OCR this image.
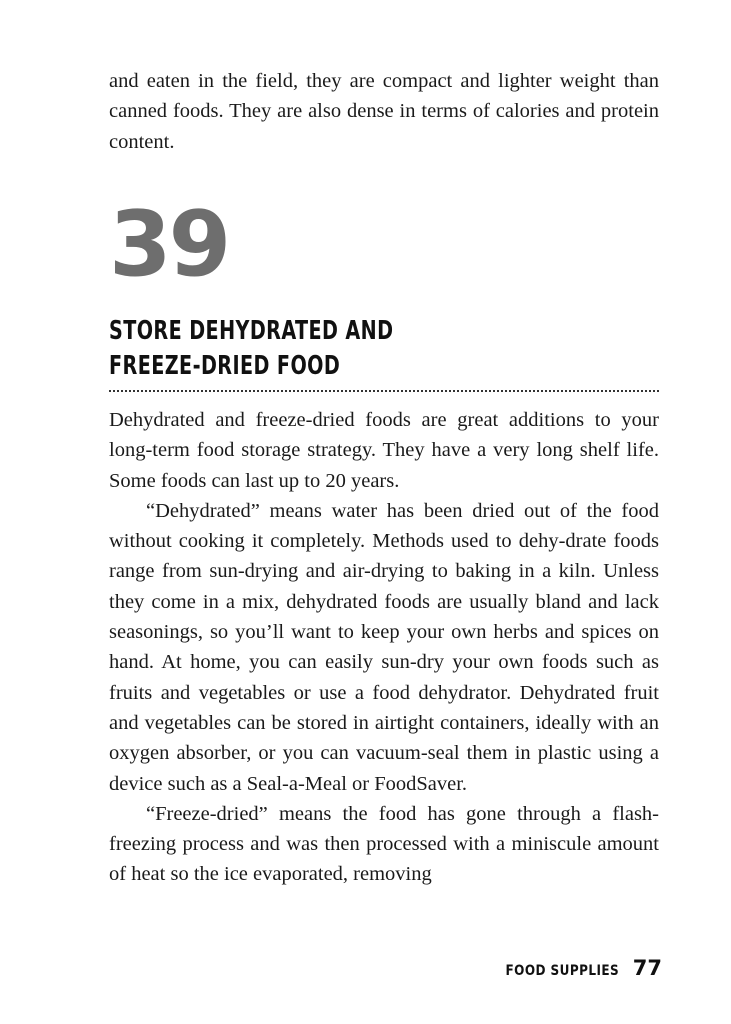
and eaten in the field, they are compact and lighter weight than canned foods. They are also dense in terms of calories and protein content.

39
STORE DEHYDRATED AND
FREEZE-DRIED FOOD

Dehydrated and freeze-dried foods are great additions to your long-term food storage strategy. They have a very long shelf life. Some foods can last up to 20 years.

“Dehydrated” means water has been dried out of the food without cooking it completely. Methods used to dehy-drate foods range from sun-drying and air-drying to baking in a kiln. Unless they come in a mix, dehydrated foods are usually bland and lack seasonings, so you’ll want to keep your own herbs and spices on hand. At home, you can easily sun-dry your own foods such as fruits and vegetables or use a food dehydrator. Dehydrated fruit and vegetables can be stored in airtight containers, ideally with an oxygen absorber, or you can vacuum-seal them in plastic using a device such as a Seal-a-Meal or FoodSaver.

“Freeze-dried” means the food has gone through a flash-freezing process and was then processed with a miniscule amount of heat so the ice evaporated, removing

FOOD SUPPLIES 77
